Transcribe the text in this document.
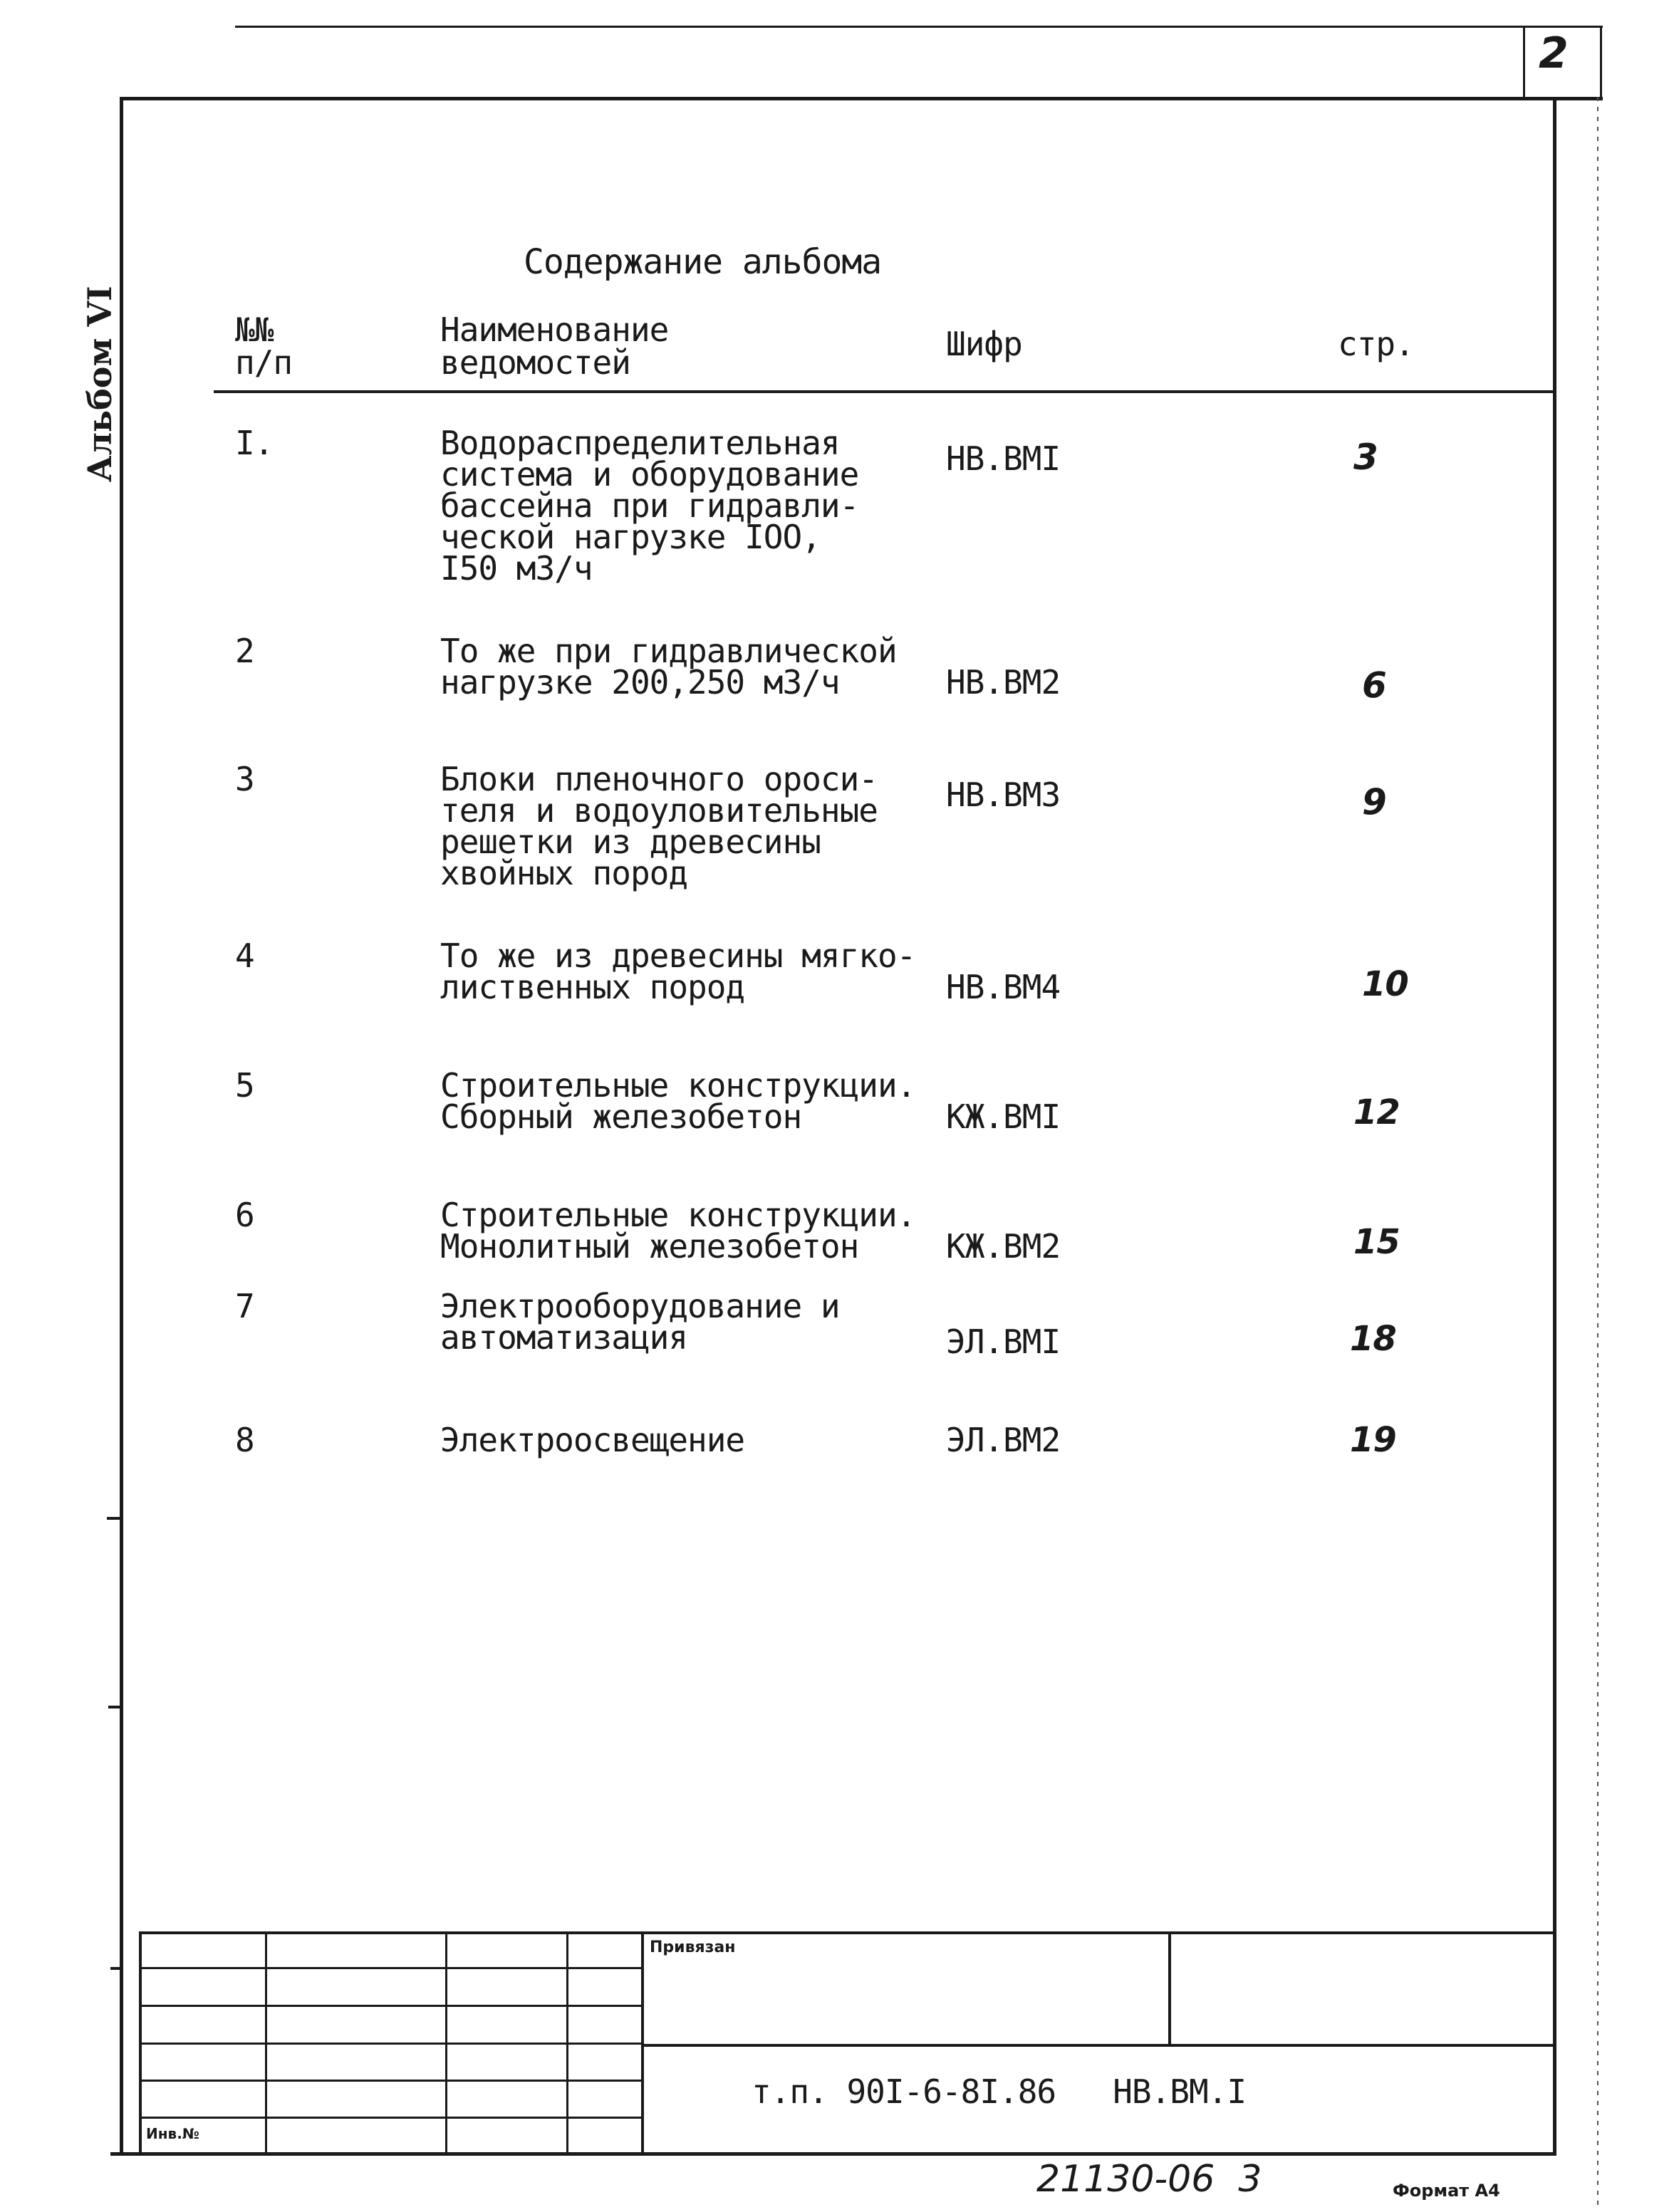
2
Альбом VI
Содержание альбома
№№
п/п
Наименование
ведомостей	Шифр	стр.
I.	Водораспределительная
система и оборудование
бассейна при гидравли-
ческой нагрузке IOO,
I50 м3/ч
НВ.ВМI	3
2	То же при гидравлической
нагрузке 200,250 м3/ч	НВ.ВМ2	6
3	Блоки пленочного ороси-
теля и водоуловительные
решетки из древесины
хвойных пород
НВ.ВМ3	9
4	То же из древесины мягко-
лиственных пород	НВ.ВМ4	10
5	Строительные конструкции.
Сборный железобетон	КЖ.ВМI	12
6	Строительные конструкции.
Монолитный железобетон	КЖ.ВМ2	15
7	Электрооборудование и
автоматизация	ЭЛ.ВМI	18
8	Электроосвещение	ЭЛ.ВМ2	19
Привязан
т.п. 90I-6-8I.86   НВ.ВМ.I
Инв.№
21130-06  3	Формат А4
